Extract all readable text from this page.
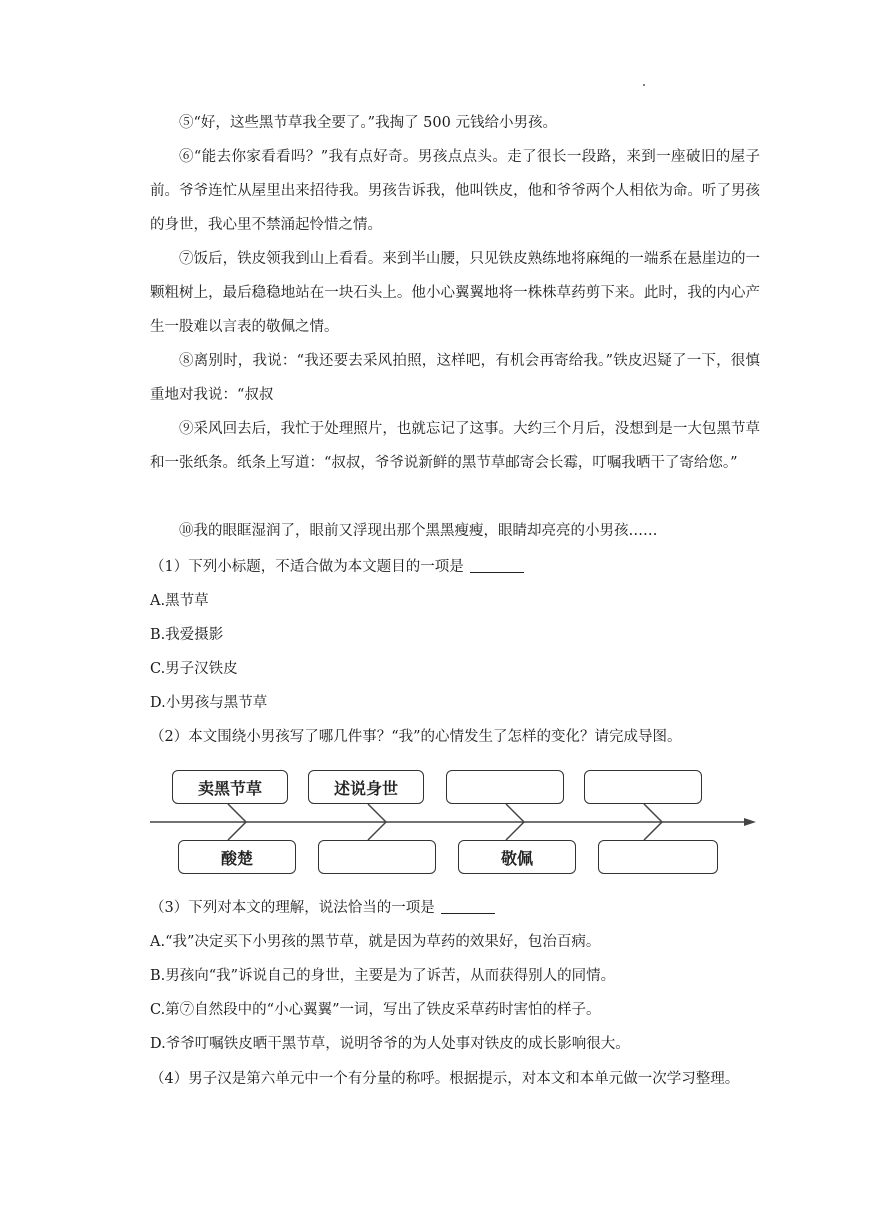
⑤“好，这些黑节草我全要了。”我掏了 500 元钱给小男孩。

⑥“能去你家看看吗？”我有点好奇。男孩点点头。走了很长一段路，来到一座破旧的屋子前。爷爷连忙从屋里出来招待我。男孩告诉我，他叫铁皮，他和爷爷两个人相依为命。听了男孩的身世，我心里不禁涌起怜惜之情。

⑦饭后，铁皮领我到山上看看。来到半山腰，只见铁皮熟练地将麻绳的一端系在悬崖边的一颗粗树上，最后稳稳地站在一块石头上。他小心翼翼地将一株株草药剪下来。此时，我的内心产生一股难以言表的敬佩之情。

⑧离别时，我说：“我还要去采风拍照，这样吧，有机会再寄给我。”铁皮迟疑了一下，很慎重地对我说：“叔叔

⑨采风回去后，我忙于处理照片，也就忘记了这事。大约三个月后，没想到是一大包黑节草和一张纸条。纸条上写道：“叔叔，爷爷说新鲜的黑节草邮寄会长霉，叮嘱我晒干了寄给您。”

⑩我的眼眶湿润了，眼前又浮现出那个黑黑瘦瘦，眼睛却亮亮的小男孩……

（1）下列小标题，不适合做为本文题目的一项是

A.黑节草

B.我爱摄影

C.男子汉铁皮

D.小男孩与黑节草

（2）本文围绕小男孩写了哪几件事？“我”的心情发生了怎样的变化？请完成导图。

（3）下列对本文的理解，说法恰当的一项是

A.“我”决定买下小男孩的黑节草，就是因为草药的效果好，包治百病。

B.男孩向“我”诉说自己的身世，主要是为了诉苦，从而获得别人的同情。

C.第⑦自然段中的“小心翼翼”一词，写出了铁皮采草药时害怕的样子。

D.爷爷叮嘱铁皮晒干黑节草，说明爷爷的为人处事对铁皮的成长影响很大。

（4）男子汉是第六单元中一个有分量的称呼。根据提示，对本文和本单元做一次学习整理。

卖黑节草	述说身世
酸楚	敬佩
